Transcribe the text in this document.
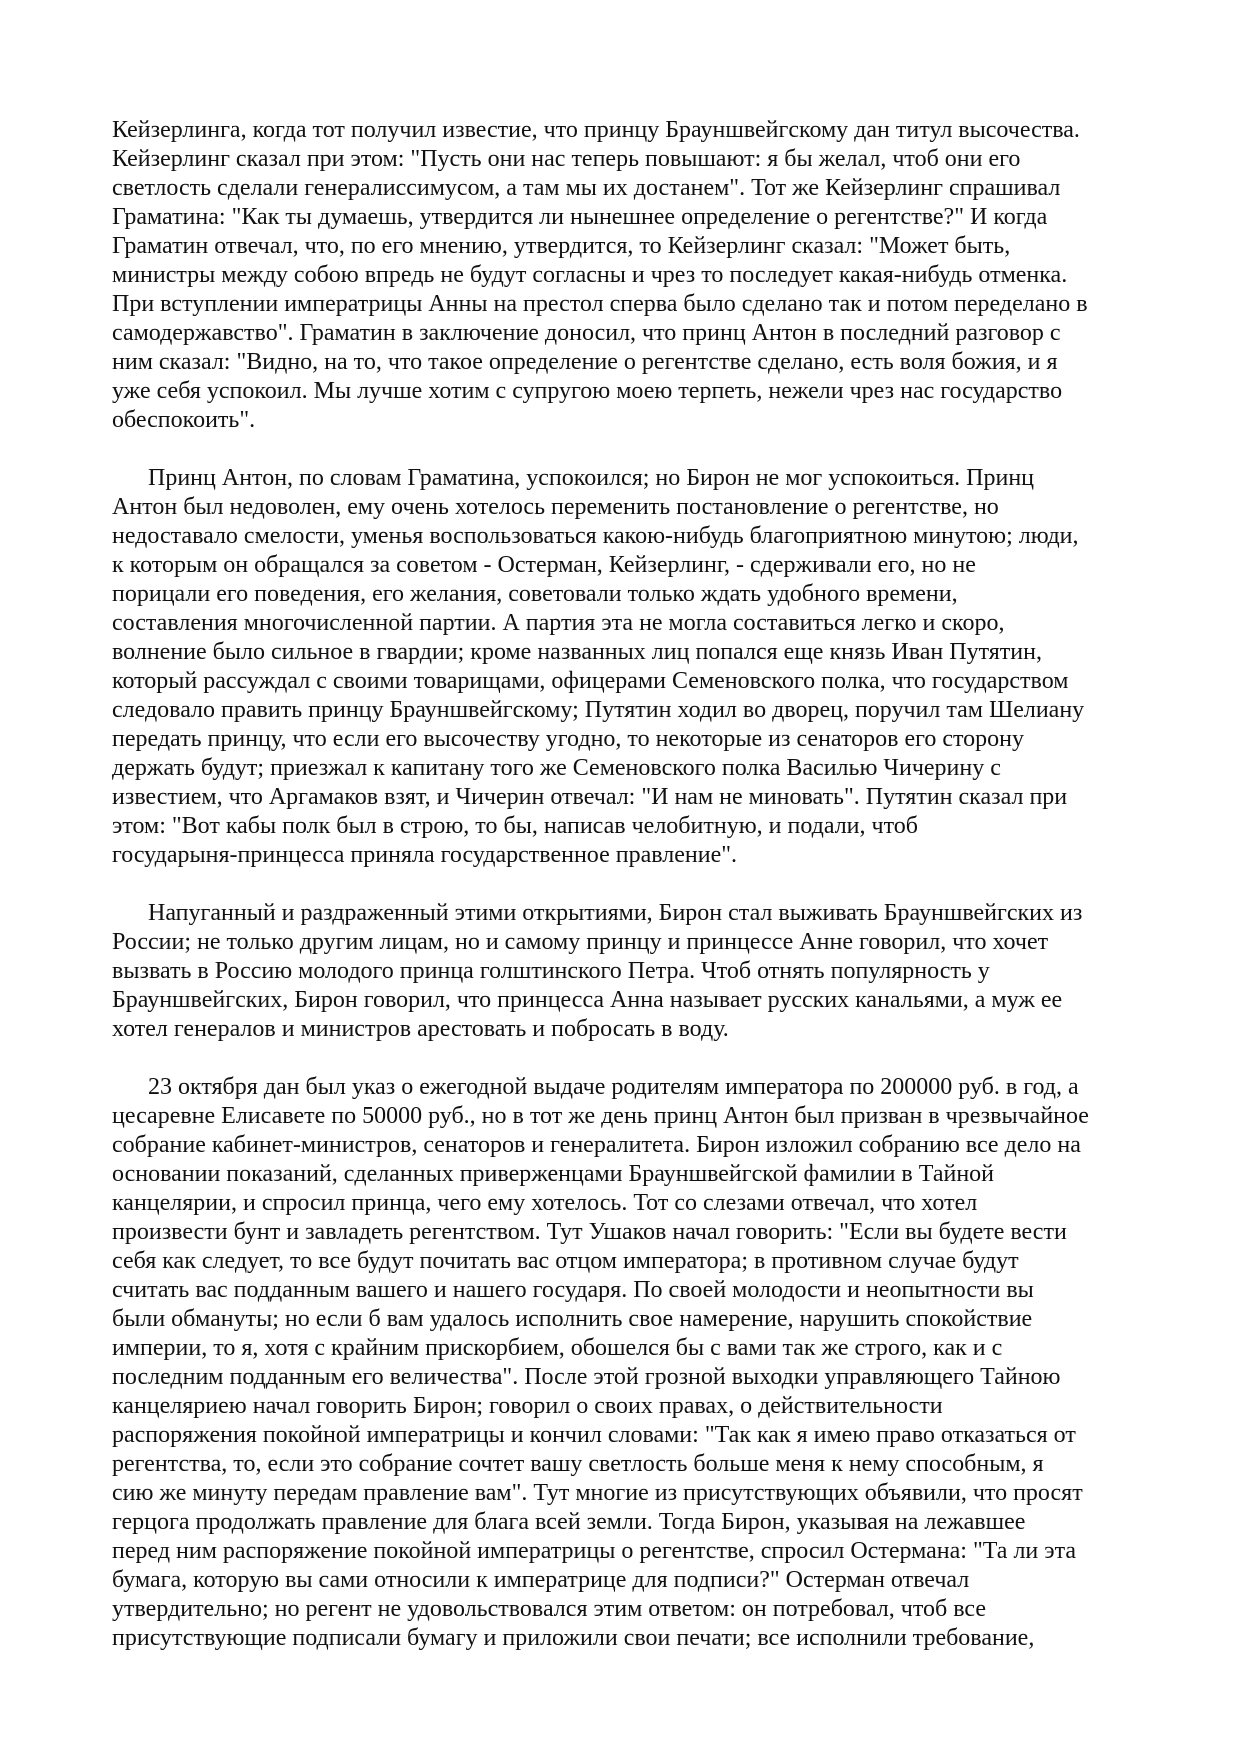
Кейзерлинга, когда тот получил известие, что принцу Брауншвейгскому дан титул высочества.
Кейзерлинг сказал при этом: "Пусть они нас теперь повышают: я бы желал, чтоб они его
светлость сделали генералиссимусом, а там мы их достанем". Тот же Кейзерлинг спрашивал
Граматина: "Как ты думаешь, утвердится ли нынешнее определение о регентстве?" И когда
Граматин отвечал, что, по его мнению, утвердится, то Кейзерлинг сказал: "Может быть,
министры между собою впредь не будут согласны и чрез то последует какая-нибудь отменка.
При вступлении императрицы Анны на престол сперва было сделано так и потом переделано в
самодержавство". Граматин в заключение доносил, что принц Антон в последний разговор с
ним сказал: "Видно, на то, что такое определение о регентстве сделано, есть воля божия, и я
уже себя успокоил. Мы лучше хотим с супругою моею терпеть, нежели чрез нас государство
обеспокоить".

Принц Антон, по словам Граматина, успокоился; но Бирон не мог успокоиться. Принц
Антон был недоволен, ему очень хотелось переменить постановление о регентстве, но
недоставало смелости, уменья воспользоваться какою-нибудь благоприятною минутою; люди,
к которым он обращался за советом - Остерман, Кейзерлинг, - сдерживали его, но не
порицали его поведения, его желания, советовали только ждать удобного времени,
составления многочисленной партии. А партия эта не могла составиться легко и скоро,
волнение было сильное в гвардии; кроме названных лиц попался еще князь Иван Путятин,
который рассуждал с своими товарищами, офицерами Семеновского полка, что государством
следовало править принцу Брауншвейгскому; Путятин ходил во дворец, поручил там Шелиану
передать принцу, что если его высочеству угодно, то некоторые из сенаторов его сторону
держать будут; приезжал к капитану того же Семеновского полка Василью Чичерину с
известием, что Аргамаков взят, и Чичерин отвечал: "И нам не миновать". Путятин сказал при
этом: "Вот кабы полк был в строю, то бы, написав челобитную, и подали, чтоб
государыня-принцесса приняла государственное правление".

Напуганный и раздраженный этими открытиями, Бирон стал выживать Брауншвейгских из
России; не только другим лицам, но и самому принцу и принцессе Анне говорил, что хочет
вызвать в Россию молодого принца голштинского Петра. Чтоб отнять популярность у
Брауншвейгских, Бирон говорил, что принцесса Анна называет русских канальями, а муж ее
хотел генералов и министров арестовать и побросать в воду.

23 октября дан был указ о ежегодной выдаче родителям императора по 200000 руб. в год, а
цесаревне Елисавете по 50000 руб., но в тот же день принц Антон был призван в чрезвычайное
собрание кабинет-министров, сенаторов и генералитета. Бирон изложил собранию все дело на
основании показаний, сделанных приверженцами Брауншвейгской фамилии в Тайной
канцелярии, и спросил принца, чего ему хотелось. Тот со слезами отвечал, что хотел
произвести бунт и завладеть регентством. Тут Ушаков начал говорить: "Если вы будете вести
себя как следует, то все будут почитать вас отцом императора; в противном случае будут
считать вас подданным вашего и нашего государя. По своей молодости и неопытности вы
были обмануты; но если б вам удалось исполнить свое намерение, нарушить спокойствие
империи, то я, хотя с крайним прискорбием, обошелся бы с вами так же строго, как и с
последним подданным его величества". После этой грозной выходки управляющего Тайною
канцеляриею начал говорить Бирон; говорил о своих правах, о действительности
распоряжения покойной императрицы и кончил словами: "Так как я имею право отказаться от
регентства, то, если это собрание сочтет вашу светлость больше меня к нему способным, я
сию же минуту передам правление вам". Тут многие из присутствующих объявили, что просят
герцога продолжать правление для блага всей земли. Тогда Бирон, указывая на лежавшее
перед ним распоряжение покойной императрицы о регентстве, спросил Остермана: "Та ли эта
бумага, которую вы сами относили к императрице для подписи?" Остерман отвечал
утвердительно; но регент не удовольствовался этим ответом: он потребовал, чтоб все
присутствующие подписали бумагу и приложили свои печати; все исполнили требование,
